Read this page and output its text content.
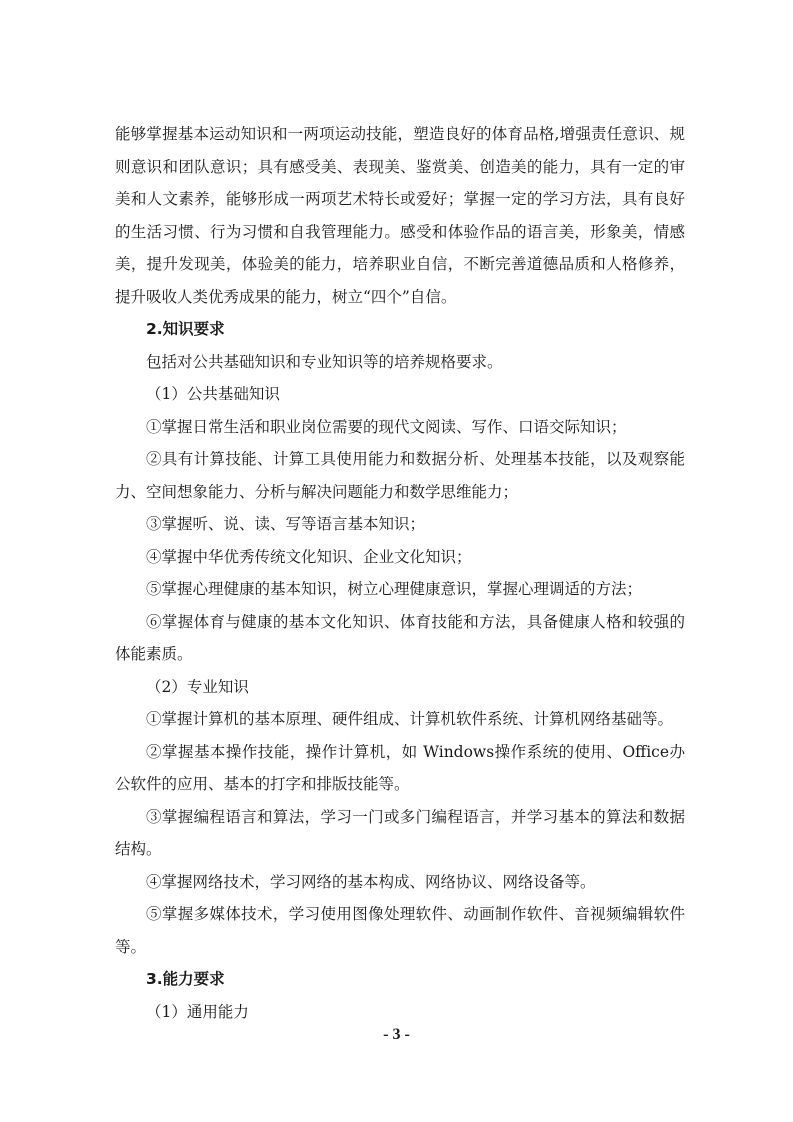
能够掌握基本运动知识和一两项运动技能，塑造良好的体育品格,增强责任意识、规则意识和团队意识；具有感受美、表现美、鉴赏美、创造美的能力，具有一定的审美和人文素养，能够形成一两项艺术特长或爱好；掌握一定的学习方法，具有良好的生活习惯、行为习惯和自我管理能力。感受和体验作品的语言美，形象美，情感美，提升发现美，体验美的能力，培养职业自信，不断完善道德品质和人格修养，提升吸收人类优秀成果的能力，树立“四个”自信。

2.知识要求

包括对公共基础知识和专业知识等的培养规格要求。

（1）公共基础知识

①掌握日常生活和职业岗位需要的现代文阅读、写作、口语交际知识；

②具有计算技能、计算工具使用能力和数据分析、处理基本技能，以及观察能力、空间想象能力、分析与解决问题能力和数学思维能力；

③掌握听、说、读、写等语言基本知识；

④掌握中华优秀传统文化知识、企业文化知识；

⑤掌握心理健康的基本知识，树立心理健康意识，掌握心理调适的方法；

⑥掌握体育与健康的基本文化知识、体育技能和方法，具备健康人格和较强的体能素质。

（2）专业知识

①掌握计算机的基本原理、硬件组成、计算机软件系统、计算机网络基础等。

②掌握基本操作技能，操作计算机，如 Windows操作系统的使用、Office办公软件的应用、基本的打字和排版技能等。

③掌握编程语言和算法，学习一门或多门编程语言，并学习基本的算法和数据结构。

④掌握网络技术，学习网络的基本构成、网络协议、网络设备等。

⑤掌握多媒体技术，学习使用图像处理软件、动画制作软件、音视频编辑软件等。

3.能力要求

（1）通用能力

- 3 -
